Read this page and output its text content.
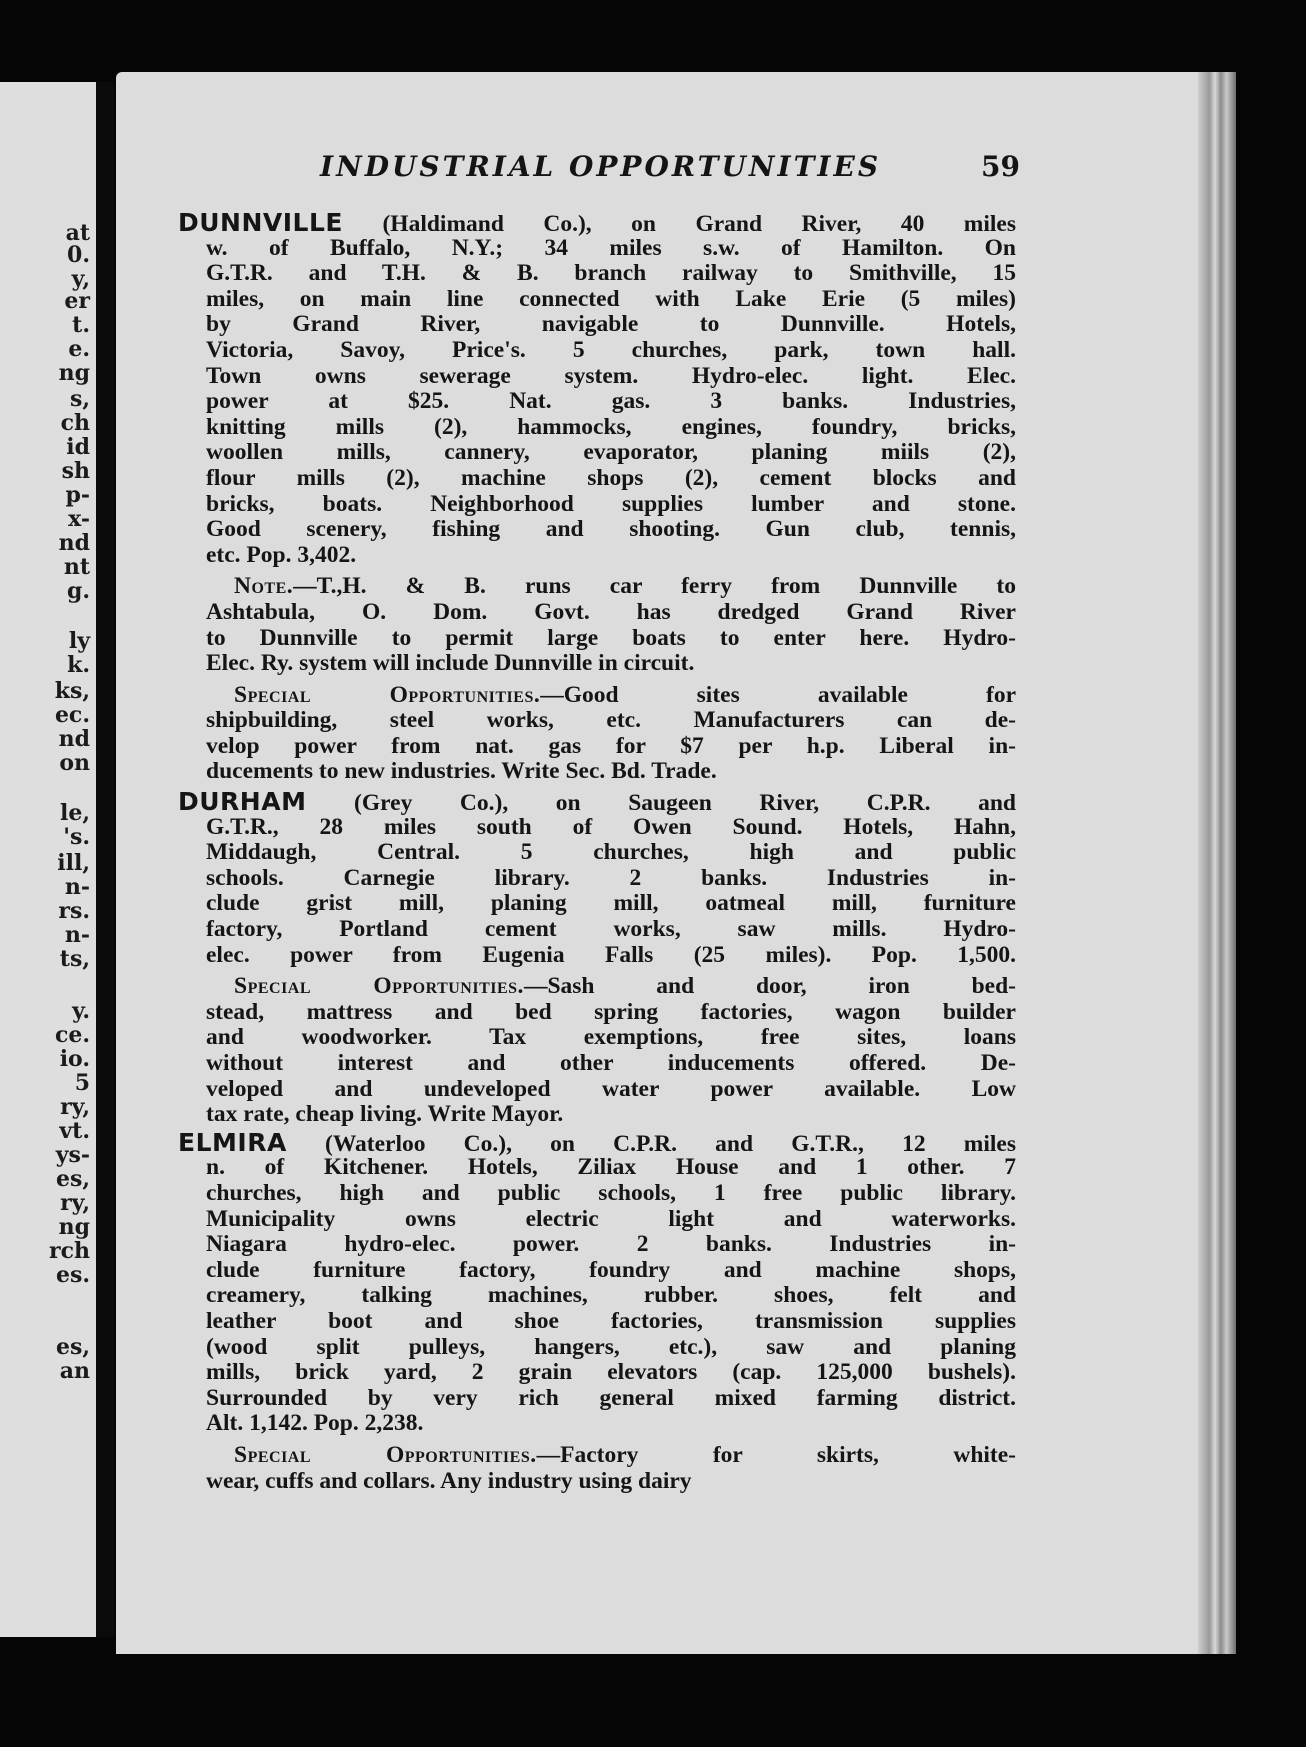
at
0.
y,
er
t.
e.
ng
s,
ch
id
sh
p-
x-
nd
nt
g.
ly
k.
ks,
ec.
nd
on
le,
's.
ill,
n-
rs.
n-
ts,
y.
ce.
io.
5
ry,
vt.
ys-
es,
ry,
ng
rch
es.
es,
an
INDUSTRIAL OPPORTUNITIES	59
DUNNVILLE (Haldimand Co.), on Grand River, 40 miles
w. of Buffalo, N.Y.; 34 miles s.w. of Hamilton. On
G.T.R. and T.H. & B. branch railway to Smithville, 15
miles, on main line connected with Lake Erie (5 miles)
by Grand River, navigable to Dunnville. Hotels,
Victoria, Savoy, Price's. 5 churches, park, town hall.
Town owns sewerage system. Hydro-elec. light. Elec.
power at $25. Nat. gas. 3 banks. Industries,
knitting mills (2), hammocks, engines, foundry, bricks,
woollen mills, cannery, evaporator, planing miils (2),
flour mills (2), machine shops (2), cement blocks and
bricks, boats. Neighborhood supplies lumber and stone.
Good scenery, fishing and shooting. Gun club, tennis,
etc. Pop. 3,402.
Note.—T.,H. & B. runs car ferry from Dunnville to
Ashtabula, O. Dom. Govt. has dredged Grand River
to Dunnville to permit large boats to enter here. Hydro-
Elec. Ry. system will include Dunnville in circuit.
Special Opportunities.—Good sites available for
shipbuilding, steel works, etc. Manufacturers can de-
velop power from nat. gas for $7 per h.p. Liberal in-
ducements to new industries. Write Sec. Bd. Trade.
DURHAM (Grey Co.), on Saugeen River, C.P.R. and
G.T.R., 28 miles south of Owen Sound. Hotels, Hahn,
Middaugh, Central. 5 churches, high and public
schools. Carnegie library. 2 banks. Industries in-
clude grist mill, planing mill, oatmeal mill, furniture
factory, Portland cement works, saw mills. Hydro-
elec. power from Eugenia Falls (25 miles). Pop. 1,500.
Special Opportunities.—Sash and door, iron bed-
stead, mattress and bed spring factories, wagon builder
and woodworker. Tax exemptions, free sites, loans
without interest and other inducements offered. De-
veloped and undeveloped water power available. Low
tax rate, cheap living. Write Mayor.
ELMIRA (Waterloo Co.), on C.P.R. and G.T.R., 12 miles
n. of Kitchener. Hotels, Ziliax House and 1 other. 7
churches, high and public schools, 1 free public library.
Municipality owns electric light and waterworks.
Niagara hydro-elec. power. 2 banks. Industries in-
clude furniture factory, foundry and machine shops,
creamery, talking machines, rubber. shoes, felt and
leather boot and shoe factories, transmission supplies
(wood split pulleys, hangers, etc.), saw and planing
mills, brick yard, 2 grain elevators (cap. 125,000 bushels).
Surrounded by very rich general mixed farming district.
Alt. 1,142. Pop. 2,238.
Special Opportunities.—Factory for skirts, white-
wear, cuffs and collars. Any industry using dairy
